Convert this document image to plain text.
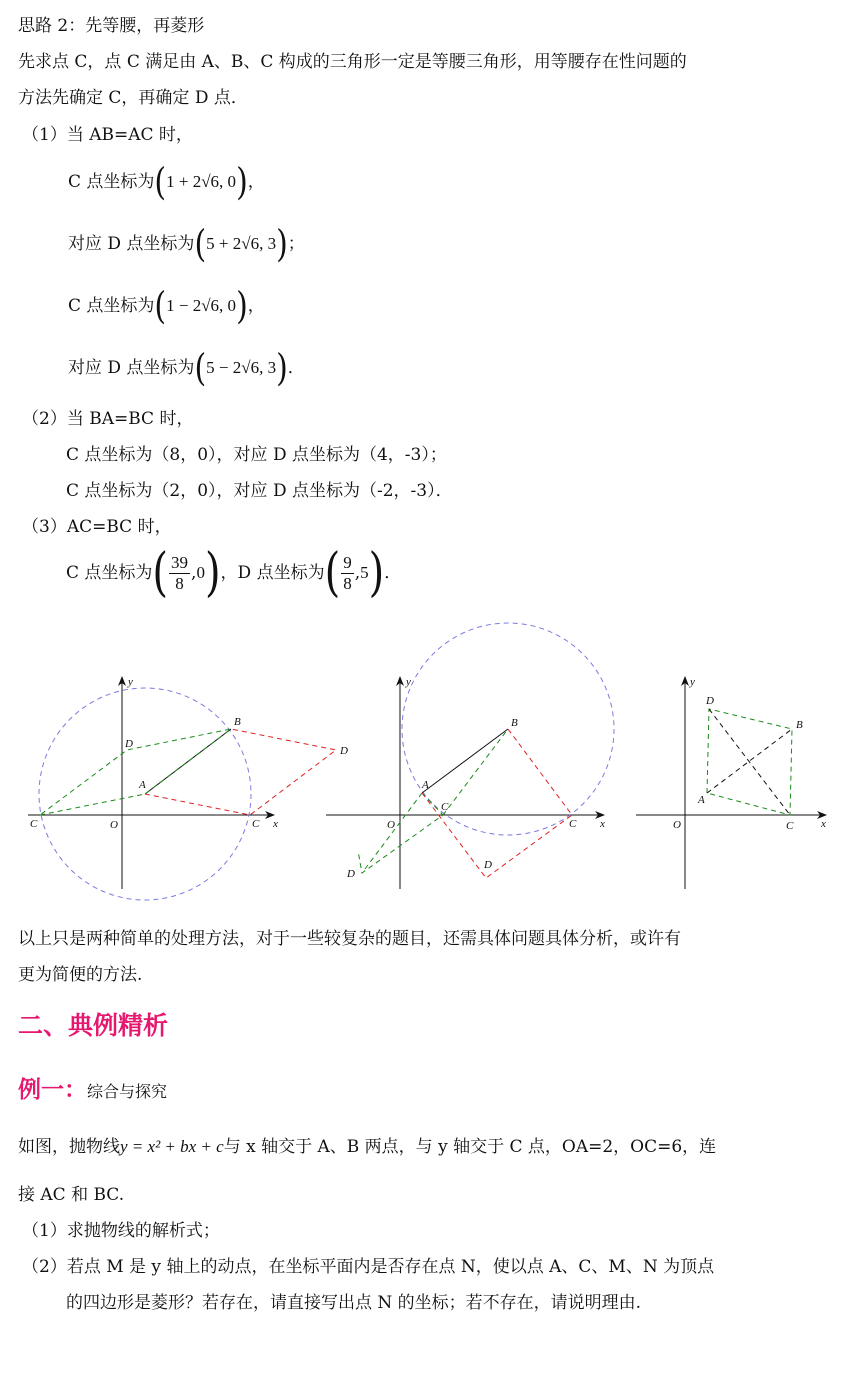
思路 2：先等腰，再菱形
先求点 C，点 C 满足由 A、B、C 构成的三角形一定是等腰三角形，用等腰存在性问题的
方法先确定 C，再确定 D 点．
（1）当 AB=AC 时，
C 点坐标为(1 + 2√6, 0)，
对应 D 点坐标为(5 + 2√6, 3)；
C 点坐标为(1 − 2√6, 0)，
对应 D 点坐标为(5 − 2√6, 3)．
（2）当 BA=BC 时，
C 点坐标为（8，0），对应 D 点坐标为（4，-3）；
C 点坐标为（2，0），对应 D 点坐标为（-2，-3）．
（3）AC=BC 时，
C 点坐标为( $\frac{39}{8} ,0$)，D 点坐标为( $\frac{9}{8} ,5$)．
y
x
O
A
B
C	C
D
D
y
x
O
A
B
C
C
D
D
y
x
O
A
B
C
D
以上只是两种简单的处理方法，对于一些较复杂的题目，还需具体问题具体分析，或许有
更为简便的方法.
二、典例精析
例一：综合与探究
如图，抛物线y = x² + bx + c与 x 轴交于 A、B 两点，与 y 轴交于 C 点，OA=2，OC=6，连
接 AC 和 BC.
（1）求抛物线的解析式；
（2）若点 M 是 y 轴上的动点，在坐标平面内是否存在点 N，使以点 A、C、M、N 为顶点
的四边形是菱形？若存在，请直接写出点 N 的坐标；若不存在，请说明理由.
